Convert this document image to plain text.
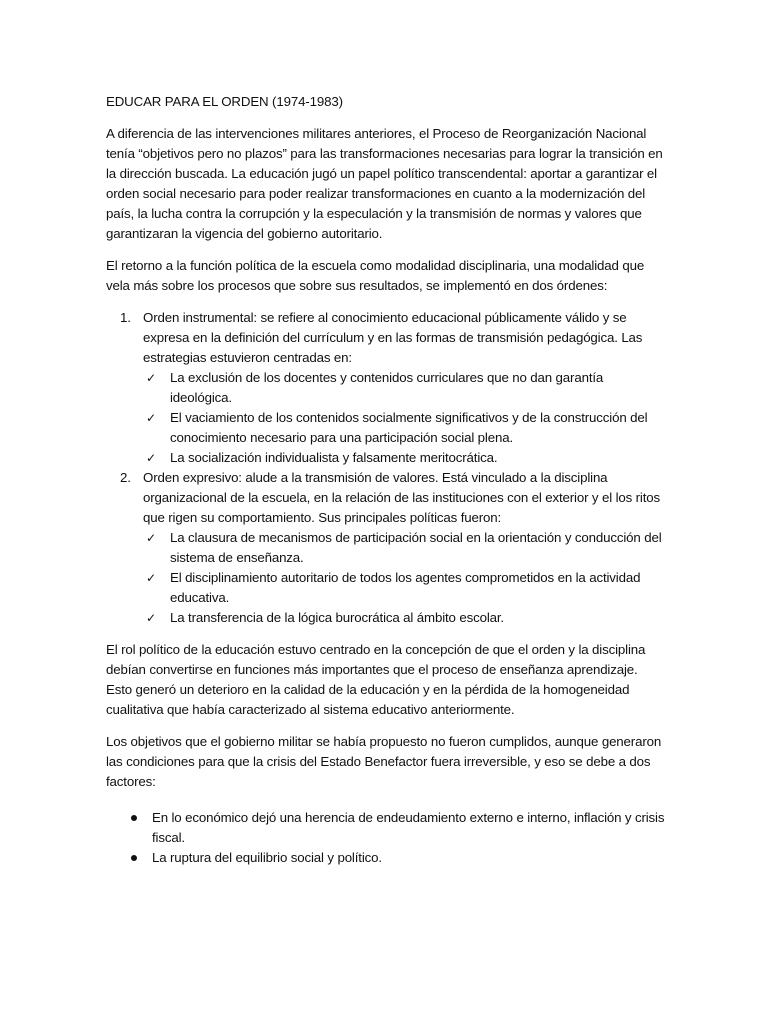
EDUCAR PARA EL ORDEN (1974-1983)

A diferencia de las intervenciones militares anteriores, el Proceso de Reorganización Nacional tenía “objetivos pero no plazos” para las transformaciones necesarias para lograr la transición en la dirección buscada. La educación jugó un papel político transcendental: aportar a garantizar el orden social necesario para poder realizar transformaciones en cuanto a la modernización del país, la lucha contra la corrupción y la especulación y la transmisión de normas y valores que garantizaran la vigencia del gobierno autoritario.

El retorno a la función política de la escuela como modalidad disciplinaria, una modalidad que vela más sobre los procesos que sobre sus resultados, se implementó en dos órdenes:

1. Orden instrumental: se refiere al conocimiento educacional públicamente válido y se expresa en la definición del currículum y en las formas de transmisión pedagógica. Las estrategias estuvieron centradas en:
✓ La exclusión de los docentes y contenidos curriculares que no dan garantía ideológica.
✓ El vaciamiento de los contenidos socialmente significativos y de la construcción del conocimiento necesario para una participación social plena.
✓ La socialización individualista y falsamente meritocrática.
2. Orden expresivo: alude a la transmisión de valores. Está vinculado a la disciplina organizacional de la escuela, en la relación de las instituciones con el exterior y el los ritos que rigen su comportamiento. Sus principales políticas fueron:
✓ La clausura de mecanismos de participación social en la orientación y conducción del sistema de enseñanza.
✓ El disciplinamiento autoritario de todos los agentes comprometidos en la actividad educativa.
✓ La transferencia de la lógica burocrática al ámbito escolar.

El rol político de la educación estuvo centrado en la concepción de que el orden y la disciplina debían convertirse en funciones más importantes que el proceso de enseñanza aprendizaje. Esto generó un deterioro en la calidad de la educación y en la pérdida de la homogeneidad cualitativa que había caracterizado al sistema educativo anteriormente.

Los objetivos que el gobierno militar se había propuesto no fueron cumplidos, aunque generaron las condiciones para que la crisis del Estado Benefactor fuera irreversible, y eso se debe a dos factores:

En lo económico dejó una herencia de endeudamiento externo e interno, inflación y crisis fiscal.
La ruptura del equilibrio social y político.
